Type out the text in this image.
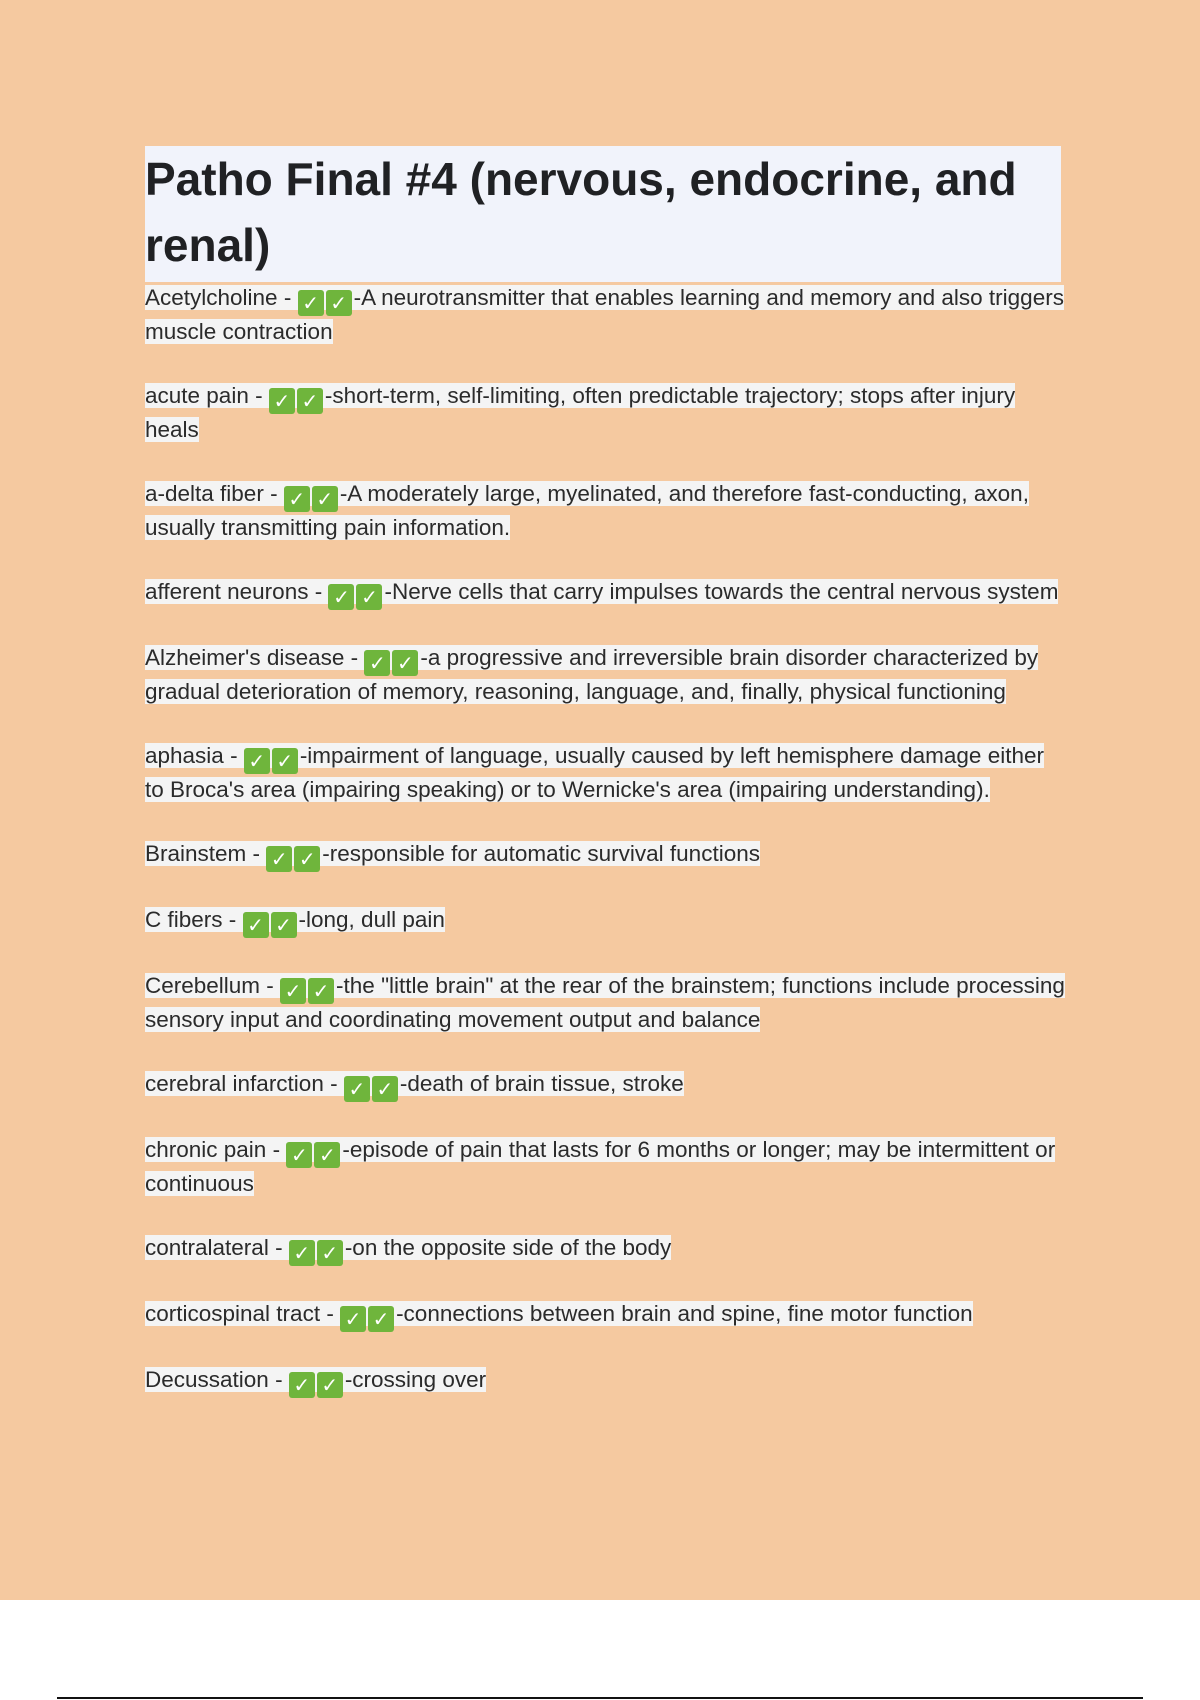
Patho Final #4 (nervous, endocrine, and renal)
Acetylcholine - ✓ ✓ -A neurotransmitter that enables learning and memory and also triggers muscle contraction
acute pain - ✓ ✓ -short-term, self-limiting, often predictable trajectory; stops after injury heals
a-delta fiber - ✓ ✓ -A moderately large, myelinated, and therefore fast-conducting, axon, usually transmitting pain information.
afferent neurons - ✓ ✓ -Nerve cells that carry impulses towards the central nervous system
Alzheimer's disease - ✓ ✓ -a progressive and irreversible brain disorder characterized by gradual deterioration of memory, reasoning, language, and, finally, physical functioning
aphasia - ✓ ✓ -impairment of language, usually caused by left hemisphere damage either to Broca's area (impairing speaking) or to Wernicke's area (impairing understanding).
Brainstem - ✓ ✓ -responsible for automatic survival functions
C fibers - ✓ ✓ -long, dull pain
Cerebellum - ✓ ✓ -the "little brain" at the rear of the brainstem; functions include processing sensory input and coordinating movement output and balance
cerebral infarction - ✓ ✓ -death of brain tissue, stroke
chronic pain - ✓ ✓ -episode of pain that lasts for 6 months or longer; may be intermittent or continuous
contralateral - ✓ ✓ -on the opposite side of the body
corticospinal tract - ✓ ✓ -connections between brain and spine, fine motor function
Decussation - ✓ ✓ -crossing over
